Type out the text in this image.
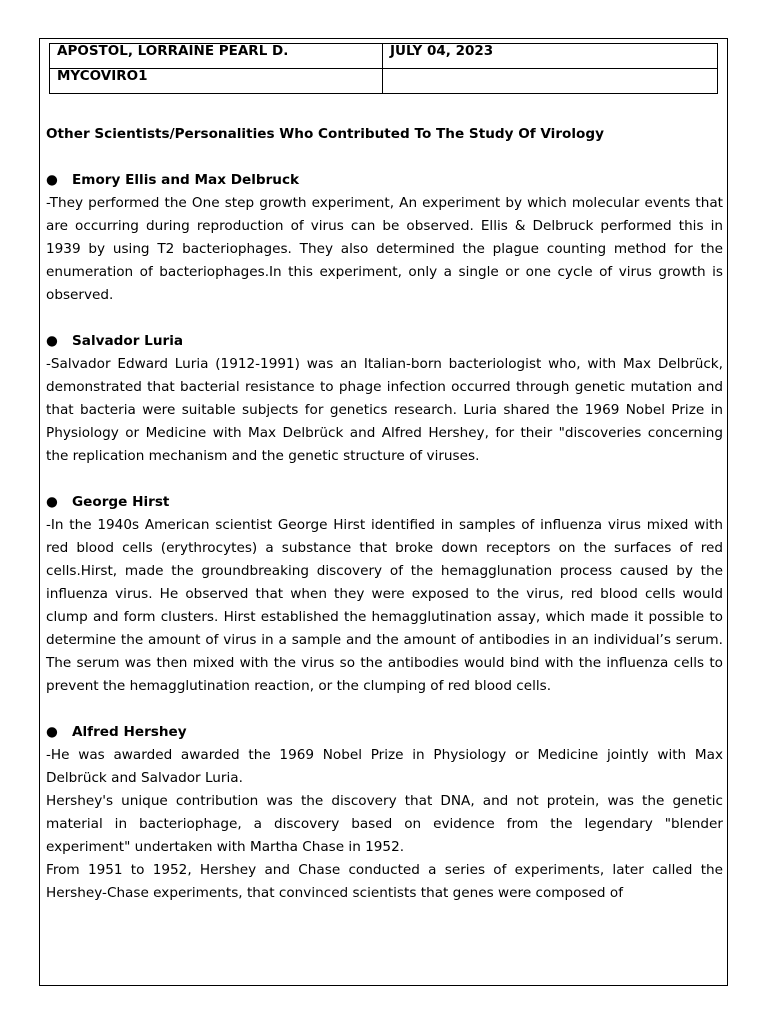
APOSTOL, LORRAINE PEARL D.	JULY 04, 2023
MYCOVIRO1	

Other Scientists/Personalities Who Contributed To The Study Of Virology

●	Emory Ellis and Max Delbruck

-They performed the One step growth experiment, An experiment by which molecular events that are occurring during reproduction of virus can be observed. Ellis & Delbruck performed this in 1939 by using T2 bacteriophages. They also determined the plague counting method for the enumeration of bacteriophages.In this experiment, only a single or one cycle of virus growth is observed.

●	Salvador Luria

-Salvador Edward Luria (1912-1991) was an Italian-born bacteriologist who, with Max Delbrück, demonstrated that bacterial resistance to phage infection occurred through genetic mutation and that bacteria were suitable subjects for genetics research. Luria shared the 1969 Nobel Prize in Physiology or Medicine with Max Delbrück and Alfred Hershey, for their "discoveries concerning the replication mechanism and the genetic structure of viruses.

●	George Hirst

-In the 1940s American scientist George Hirst identified in samples of influenza virus mixed with red blood cells (erythrocytes) a substance that broke down receptors on the surfaces of red cells.Hirst, made the groundbreaking discovery of the hemagglunation process caused by the influenza virus. He observed that when they were exposed to the virus, red blood cells would clump and form clusters. Hirst established the hemagglutination assay, which made it possible to determine the amount of virus in a sample and the amount of antibodies in an individual’s serum. The serum was then mixed with the virus so the antibodies would bind with the influenza cells to prevent the hemagglutination reaction, or the clumping of red blood cells.

●	Alfred Hershey

-He was awarded awarded the 1969 Nobel Prize in Physiology or Medicine jointly with Max Delbrück and Salvador Luria.

Hershey's unique contribution was the discovery that DNA, and not protein, was the genetic material in bacteriophage, a discovery based on evidence from the legendary "blender experiment" undertaken with Martha Chase in 1952.

From 1951 to 1952, Hershey and Chase conducted a series of experiments, later called the Hershey-Chase experiments, that convinced scientists that genes were composed of
